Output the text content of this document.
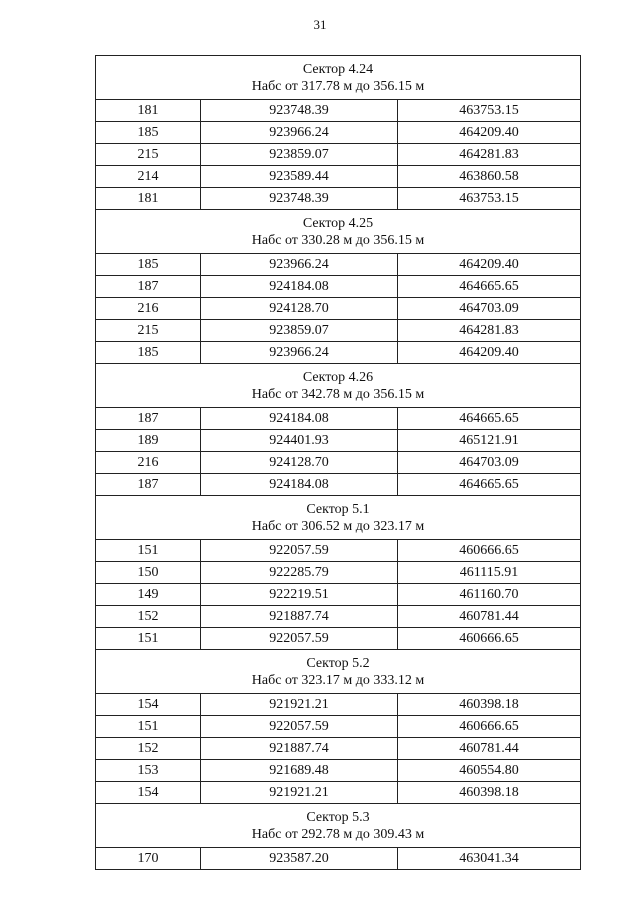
31
Сектор 4.24
Набс от 317.78 м до 356.15 м		

181	923748.39	463753.15
185	923966.24	464209.40
215	923859.07	464281.83
214	923589.44	463860.58
181	923748.39	463753.15

Сектор 4.25
Набс от 330.28 м до 356.15 м		

185	923966.24	464209.40
187	924184.08	464665.65
216	924128.70	464703.09
215	923859.07	464281.83
185	923966.24	464209.40

Сектор 4.26
Набс от 342.78 м до 356.15 м		

187	924184.08	464665.65
189	924401.93	465121.91
216	924128.70	464703.09
187	924184.08	464665.65

Сектор 5.1
Набс от 306.52 м до 323.17 м		

151	922057.59	460666.65
150	922285.79	461115.91
149	922219.51	461160.70
152	921887.74	460781.44
151	922057.59	460666.65

Сектор 5.2
Набс от 323.17 м до 333.12 м		

154	921921.21	460398.18
151	922057.59	460666.65
152	921887.74	460781.44
153	921689.48	460554.80
154	921921.21	460398.18

Сектор 5.3
Набс от 292.78 м до 309.43 м		

170	923587.20	463041.34
